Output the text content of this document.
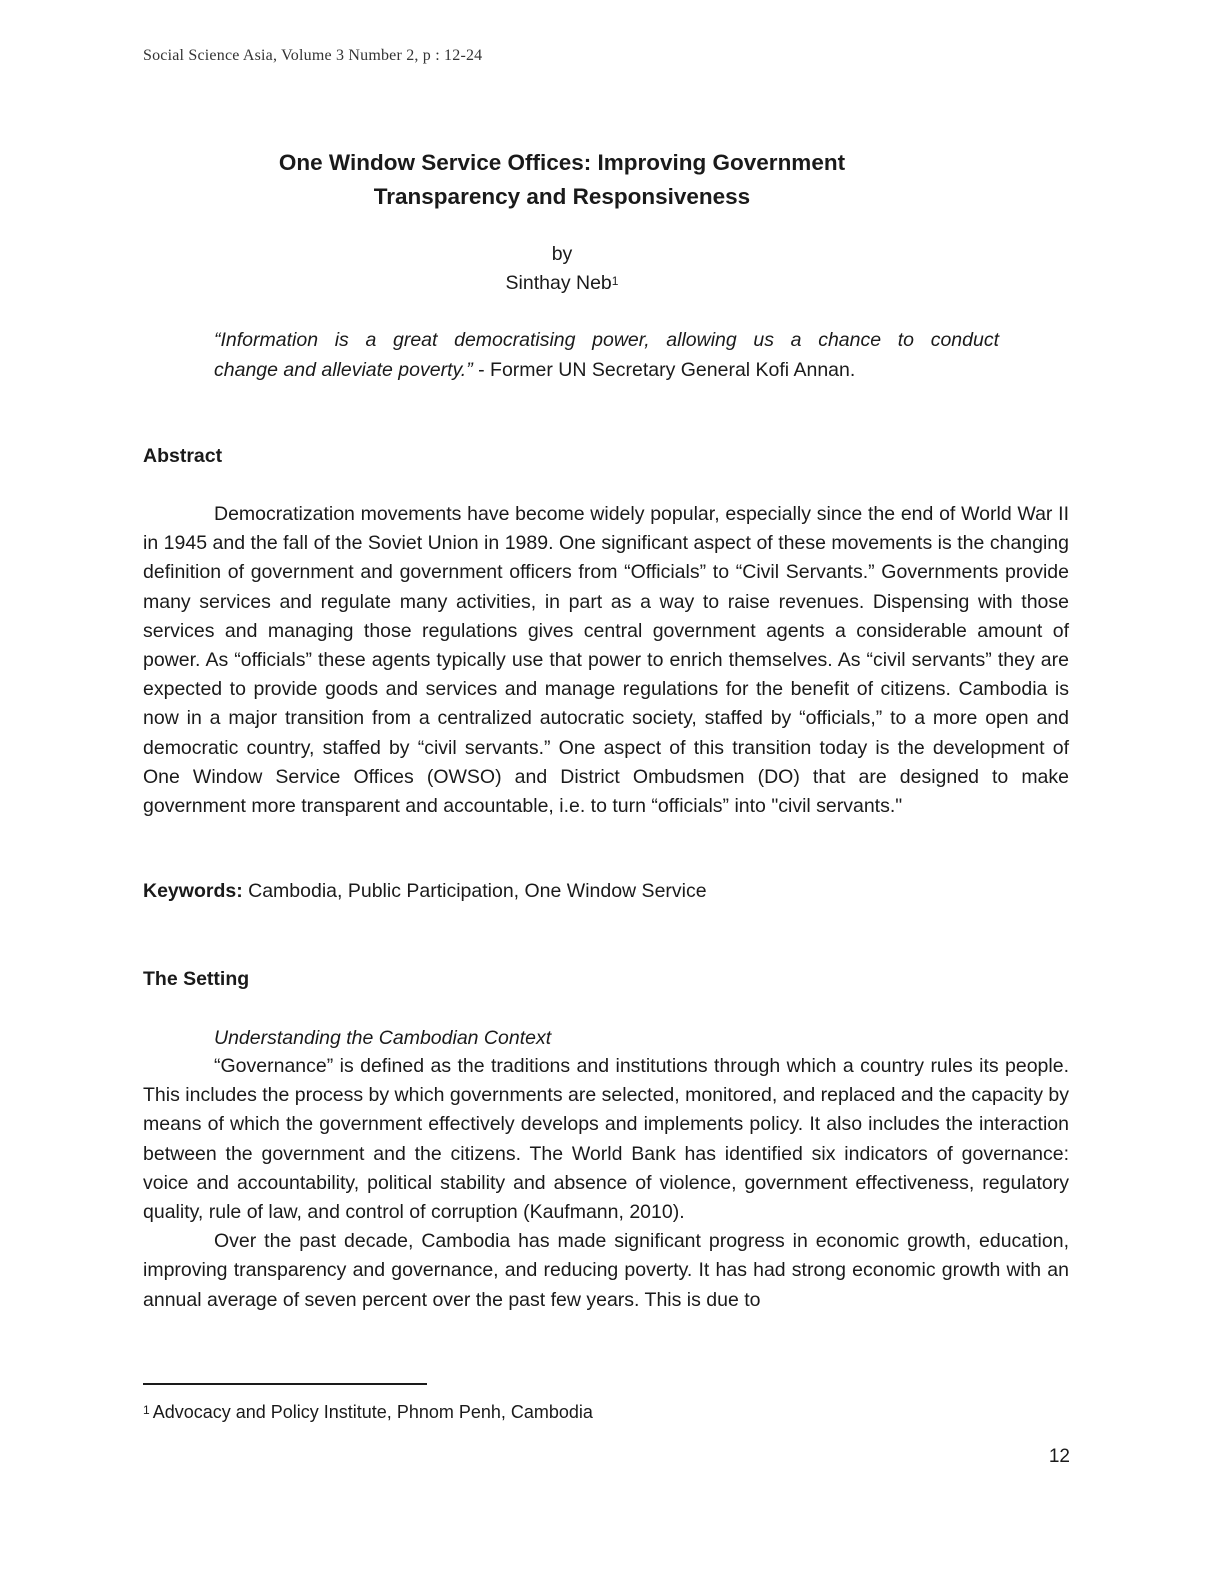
Social Science Asia, Volume 3 Number 2, p : 12-24
One Window Service Offices: Improving Government
Transparency and Responsiveness
by
Sinthay Neb$^1$
“Information is a great democratising power, allowing us a chance to conduct
change and alleviate poverty.” - Former UN Secretary General Kofi Annan.
Abstract

Democratization movements have become widely popular, especially since the end of World War II in 1945 and the fall of the Soviet Union in 1989. One significant aspect of these movements is the changing definition of government and government officers from “Officials” to “Civil Servants.” Governments provide many services and regulate many activities, in part as a way to raise revenues. Dispensing with those services and managing those regulations gives central government agents a considerable amount of power. As “officials” these agents typically use that power to enrich themselves. As “civil servants” they are expected to provide goods and services and manage regulations for the benefit of citizens. Cambodia is now in a major transition from a centralized autocratic society, staffed by “officials,” to a more open and democratic country, staffed by “civil servants.” One aspect of this transition today is the development of One Window Service Offices (OWSO) and District Ombudsmen (DO) that are designed to make government more transparent and accountable, i.e. to turn “officials” into "civil servants."

Keywords: Cambodia, Public Participation, One Window Service
The Setting
Understanding the Cambodian Context

“Governance” is defined as the traditions and institutions through which a country rules its people. This includes the process by which governments are selected, monitored, and replaced and the capacity by means of which the government effectively develops and implements policy. It also includes the interaction between the government and the citizens. The World Bank has identified six indicators of governance: voice and accountability, political stability and absence of violence, government effectiveness, regulatory quality, rule of law, and control of corruption (Kaufmann, 2010).

Over the past decade, Cambodia has made significant progress in economic growth, education, improving transparency and governance, and reducing poverty. It has had strong economic growth with an annual average of seven percent over the past few years. This is due to

$^1$ Advocacy and Policy Institute, Phnom Penh, Cambodia
12
